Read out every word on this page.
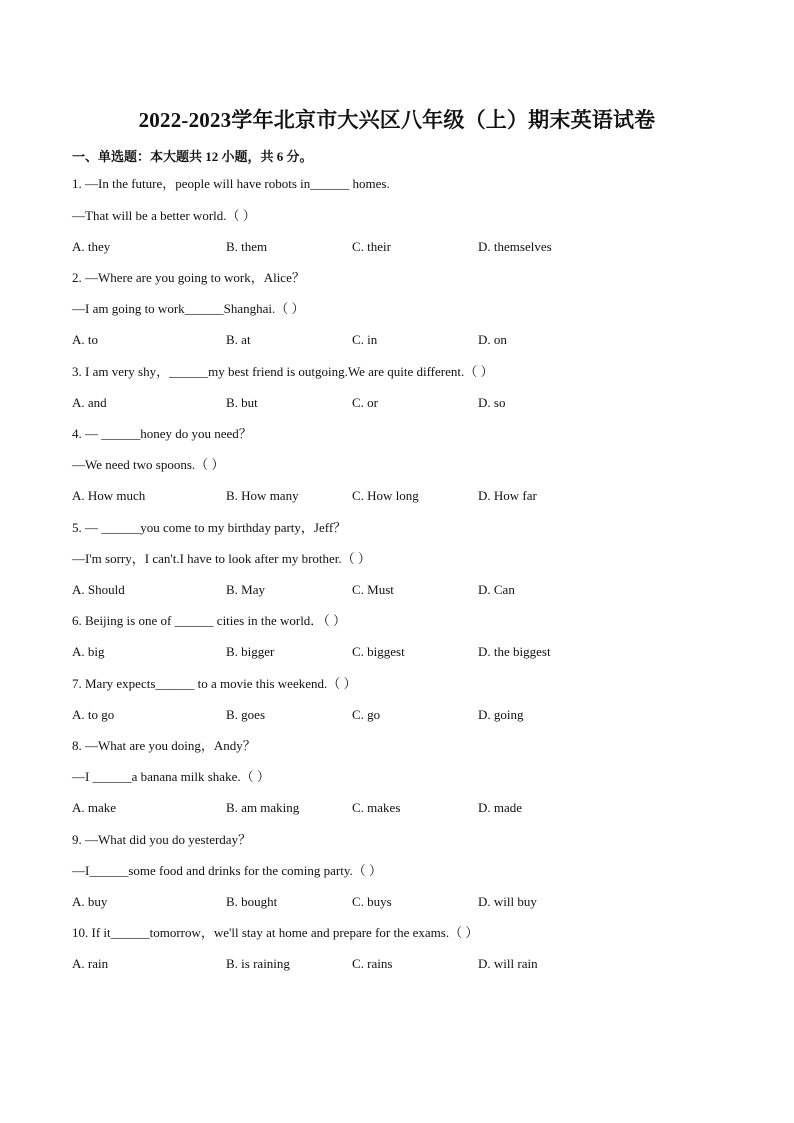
2022-2023学年北京市大兴区八年级（上）期末英语试卷
一、单选题：本大题共 12 小题，共 6 分。
1. —In the future，people will have robots in______ homes.
—That will be a better world.（ ）
A. they	B. them	C. their	D. themselves
2. —Where are you going to work，Alice？
—I am going to work______Shanghai.（ ）
A. to	B. at	C. in	D. on
3. I am very shy，______my best friend is outgoing.We are quite different.（ ）
A. and	B. but	C. or	D. so
4. — ______honey do you need？
—We need two spoons.（ ）
A. How much	B. How many	C. How long	D. How far
5. — ______you come to my birthday party，Jeff？
—I'm sorry，I can't.I have to look after my brother.（ ）
A. Should	B. May	C. Must	D. Can
6. Beijing is one of ______ cities in the world．（ ）
A. big	B. bigger	C. biggest	D. the biggest
7. Mary expects______ to a movie this weekend.（ ）
A. to go	B. goes	C. go	D. going
8. —What are you doing，Andy？
—I ______a banana milk shake.（ ）
A. make	B. am making	C. makes	D. made
9. —What did you do yesterday？
—I______some food and drinks for the coming party.（ ）
A. buy	B. bought	C. buys	D. will buy
10. If it______tomorrow，we'll stay at home and prepare for the exams.（ ）
A. rain	B. is raining	C. rains	D. will rain
